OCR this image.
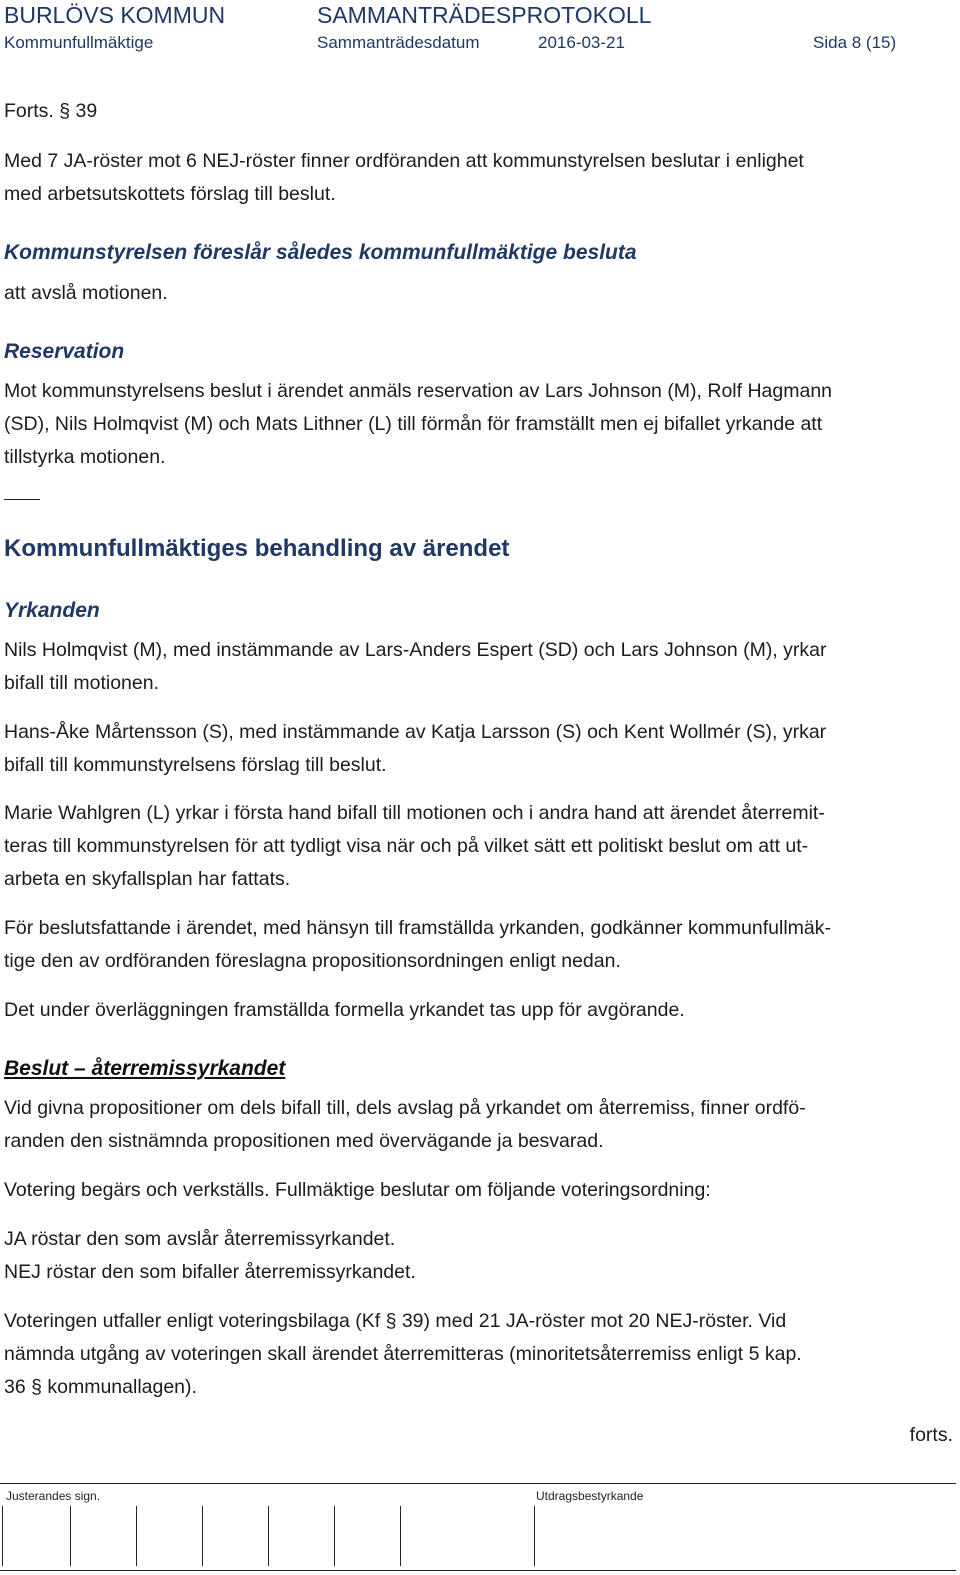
BURLÖVS KOMMUN	SAMMANTRÄDESPROTOKOLL
Kommunfullmäktige	Sammanträdesdatum	2016-03-21	Sida 8 (15)
Forts. § 39
Med 7 JA-röster mot 6 NEJ-röster finner ordföranden att kommunstyrelsen beslutar i enlighet
med arbetsutskottets förslag till beslut.
Kommunstyrelsen föreslår således kommunfullmäktige besluta
att avslå motionen.
Reservation
Mot kommunstyrelsens beslut i ärendet anmäls reservation av Lars Johnson (M), Rolf Hagmann
(SD), Nils Holmqvist (M) och Mats Lithner (L) till förmån för framställt men ej bifallet yrkande att
tillstyrka motionen.
Kommunfullmäktiges behandling av ärendet
Yrkanden
Nils Holmqvist (M), med instämmande av Lars-Anders Espert (SD) och Lars Johnson (M), yrkar
bifall till motionen.
Hans-Åke Mårtensson (S), med instämmande av Katja Larsson (S) och Kent Wollmér (S), yrkar
bifall till kommunstyrelsens förslag till beslut.
Marie Wahlgren (L) yrkar i första hand bifall till motionen och i andra hand att ärendet återremit-
teras till kommunstyrelsen för att tydligt visa när och på vilket sätt ett politiskt beslut om att ut-
arbeta en skyfallsplan har fattats.
För beslutsfattande i ärendet, med hänsyn till framställda yrkanden, godkänner kommunfullmäk-
tige den av ordföranden föreslagna propositionsordningen enligt nedan.
Det under överläggningen framställda formella yrkandet tas upp för avgörande.
Beslut – återremissyrkandet
Vid givna propositioner om dels bifall till, dels avslag på yrkandet om återremiss, finner ordfö-
randen den sistnämnda propositionen med övervägande ja besvarad.
Votering begärs och verkställs. Fullmäktige beslutar om följande voteringsordning:
JA röstar den som avslår återremissyrkandet.
NEJ röstar den som bifaller återremissyrkandet.
Voteringen utfaller enligt voteringsbilaga (Kf § 39) med 21 JA-röster mot 20 NEJ-röster. Vid
nämnda utgång av voteringen skall ärendet återremitteras (minoritetsåterremiss enligt 5 kap.
36 § kommunallagen).
forts.
Justerandes sign.	Utdragsbestyrkande
